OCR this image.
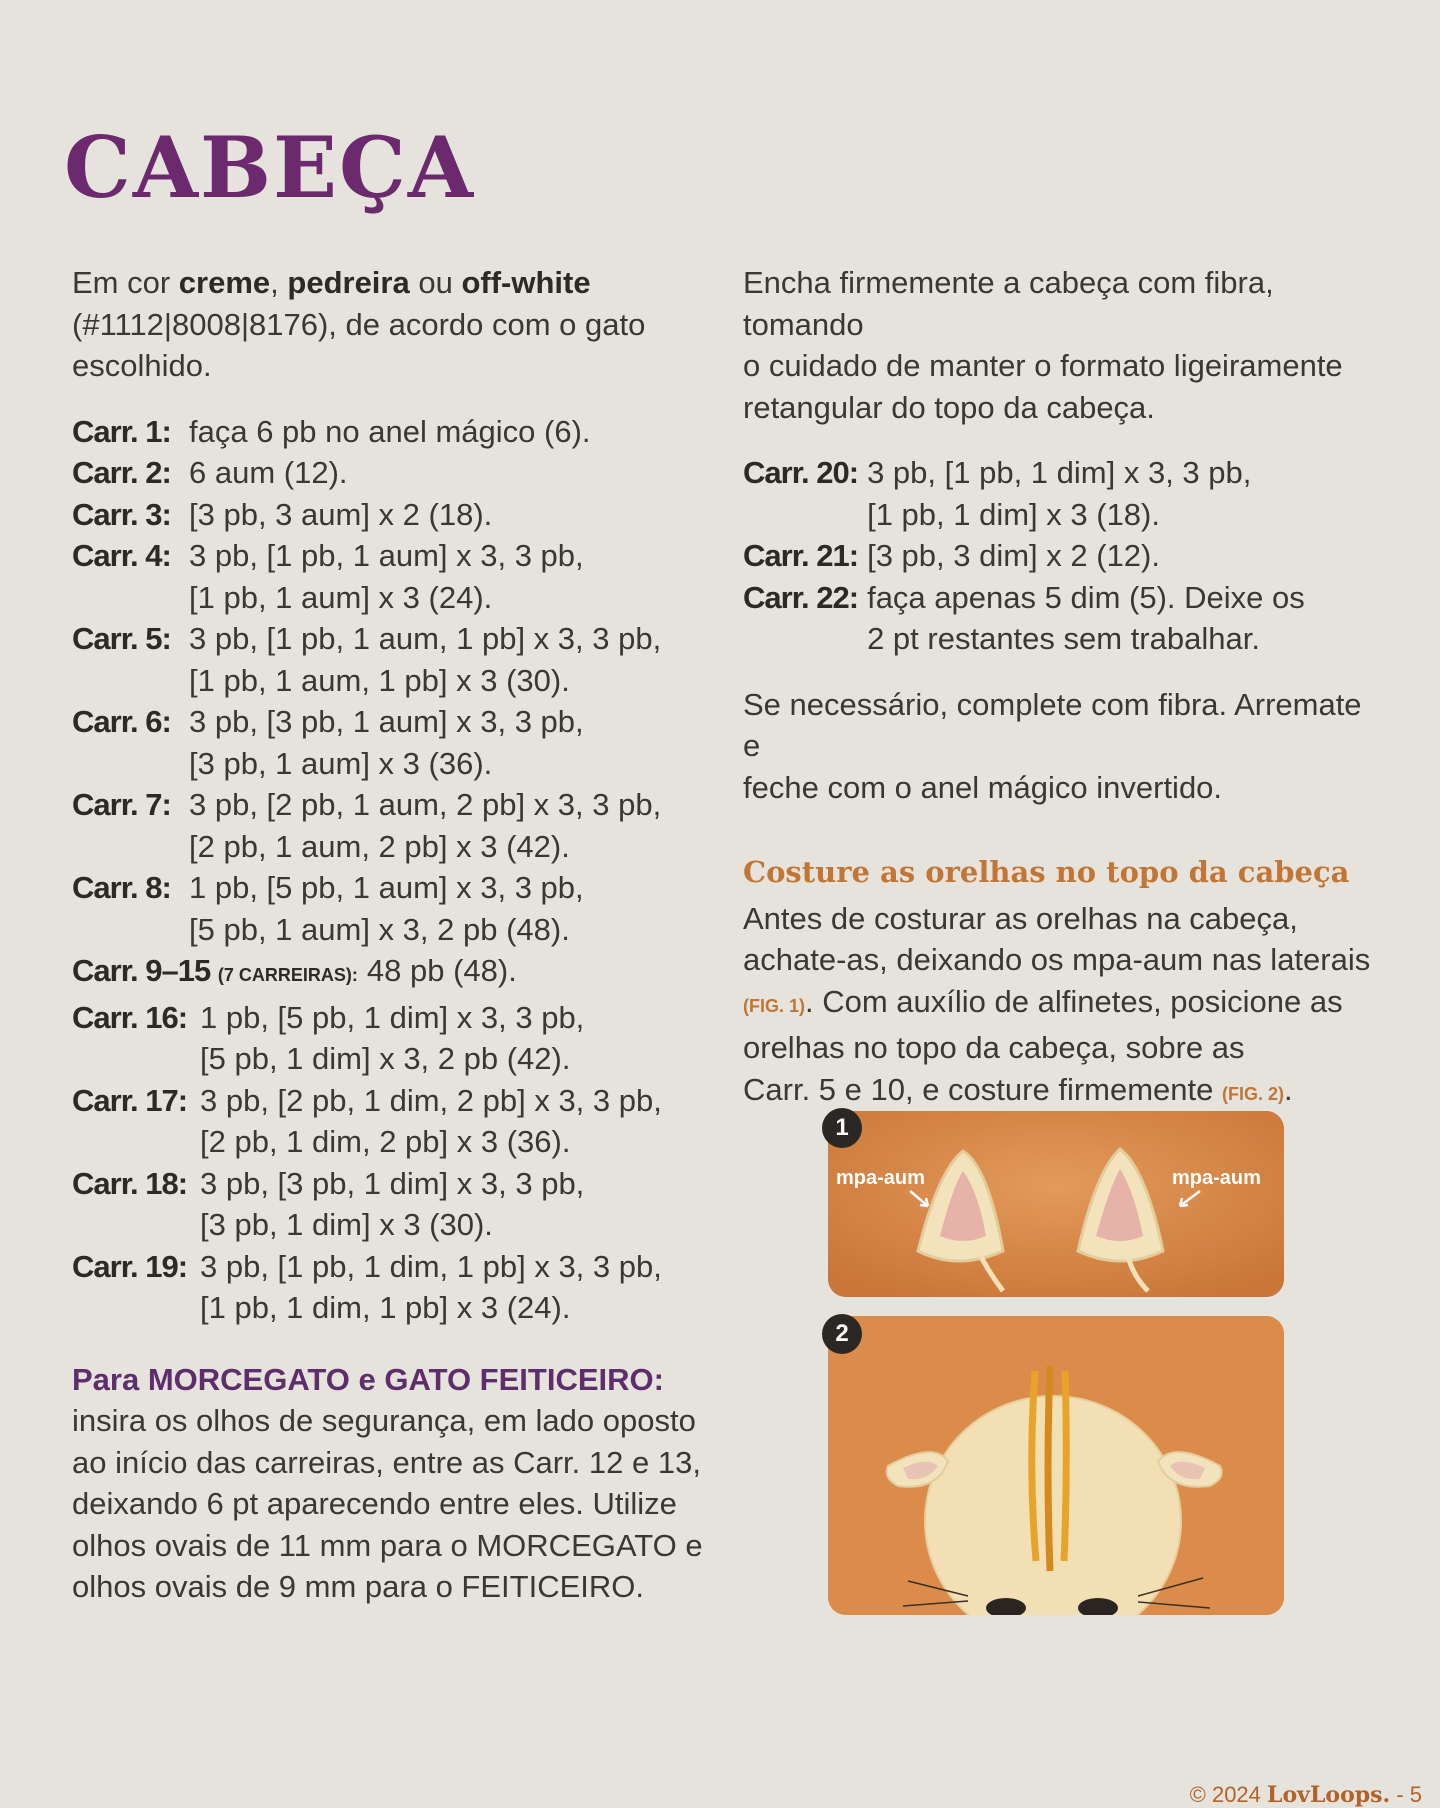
CABEÇA

Em cor creme, pedreira ou off-white
(#1112|8008|8176), de acordo com o gato
escolhido.

Carr. 1: faça 6 pb no anel mágico (6).
Carr. 2: 6 aum (12).
Carr. 3: [3 pb, 3 aum] x 2 (18).
Carr. 4: 3 pb, [1 pb, 1 aum] x 3, 3 pb,
[1 pb, 1 aum] x 3 (24).
Carr. 5: 3 pb, [1 pb, 1 aum, 1 pb] x 3, 3 pb,
[1 pb, 1 aum, 1 pb] x 3 (30).
Carr. 6: 3 pb, [3 pb, 1 aum] x 3, 3 pb,
[3 pb, 1 aum] x 3 (36).
Carr. 7: 3 pb, [2 pb, 1 aum, 2 pb] x 3, 3 pb,
[2 pb, 1 aum, 2 pb] x 3 (42).
Carr. 8: 1 pb, [5 pb, 1 aum] x 3, 3 pb,
[5 pb, 1 aum] x 3, 2 pb (48).
Carr. 9–15 (7 CARREIRAS): 48 pb (48).
Carr. 16: 1 pb, [5 pb, 1 dim] x 3, 3 pb,
[5 pb, 1 dim] x 3, 2 pb (42).
Carr. 17: 3 pb, [2 pb, 1 dim, 2 pb] x 3, 3 pb,
[2 pb, 1 dim, 2 pb] x 3 (36).
Carr. 18: 3 pb, [3 pb, 1 dim] x 3, 3 pb,
[3 pb, 1 dim] x 3 (30).
Carr. 19: 3 pb, [1 pb, 1 dim, 1 pb] x 3, 3 pb,
[1 pb, 1 dim, 1 pb] x 3 (24).

Para MORCEGATO e GATO FEITICEIRO:

insira os olhos de segurança, em lado oposto
ao início das carreiras, entre as Carr. 12 e 13,
deixando 6 pt aparecendo entre eles. Utilize
olhos ovais de 11 mm para o MORCEGATO e
olhos ovais de 9 mm para o FEITICEIRO.
Encha firmemente a cabeça com fibra, tomando
o cuidado de manter o formato ligeiramente
retangular do topo da cabeça.
Carr. 20: 3 pb, [1 pb, 1 dim] x 3, 3 pb,
[1 pb, 1 dim] x 3 (18).
Carr. 21: [3 pb, 3 dim] x 2 (12).
Carr. 22: faça apenas 5 dim (5). Deixe os
2 pt restantes sem trabalhar.
Se necessário, complete com fibra. Arremate e
feche com o anel mágico invertido.

Costure as orelhas no topo da cabeça

Antes de costurar as orelhas na cabeça,
achate-as, deixando os mpa-aum nas laterais
(FIG. 1). Com auxílio de alfinetes, posicione as
orelhas no topo da cabeça, sobre as
Carr. 5 e 10, e costure firmemente (FIG. 2).

mpa-aum	mpa-aum
1
2
© 2024 LovLoops. - 5
